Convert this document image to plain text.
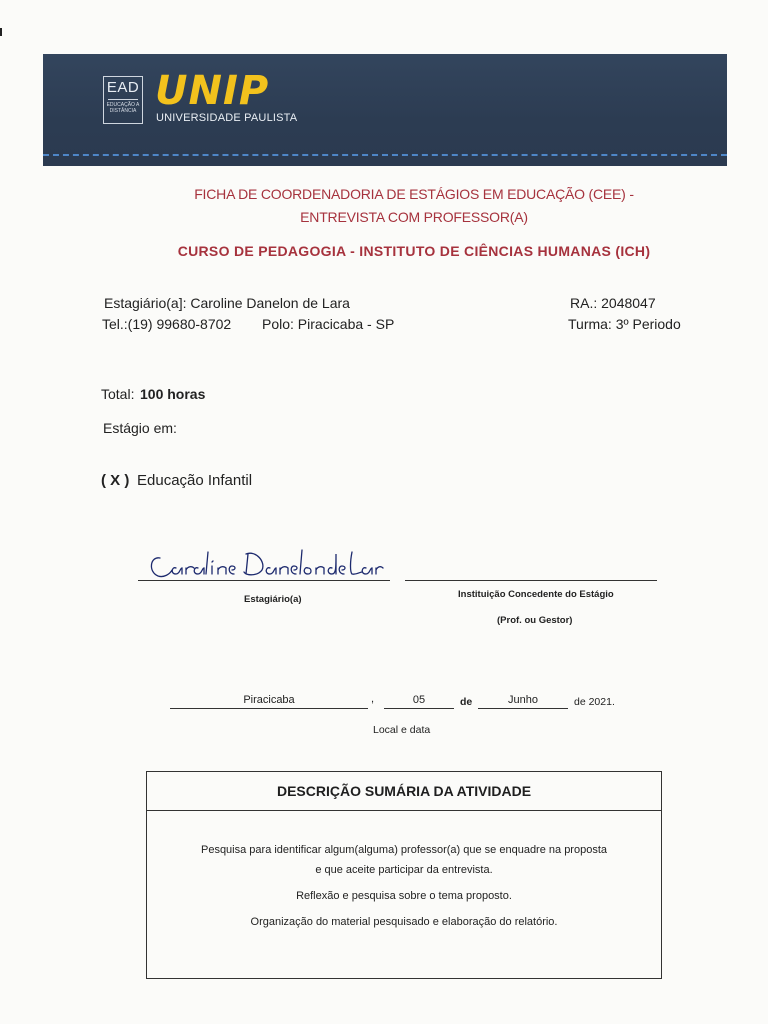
EAD
EDUCAÇÃO A DISTÂNCIA UNIP
UNIVERSIDADE PAULISTA
FICHA DE COORDENADORIA DE ESTÁGIOS EM EDUCAÇÃO (CEE) - ENTREVISTA COM PROFESSOR(A)
CURSO DE PEDAGOGIA - INSTITUTO DE CIÊNCIAS HUMANAS (ICH)
Estagiário(a]: Caroline Danelon de Lara	RA.: 2048047
Tel.:(19) 99680-8702 Polo: Piracicaba - SP	Turma: 3º Periodo
Total: 100 horas
Estágio em:
( X ) Educação Infantil
Estagiário(a)	Instituição Concedente do Estágio
(Prof. ou Gestor)
Piracicaba	,	05	de	Junho	de 2021.
Local e data
DESCRIÇÃO SUMÁRIA DA ATIVIDADE
Pesquisa para identificar algum(alguma) professor(a) que se enquadre na proposta
e que aceite participar da entrevista.
Reflexão e pesquisa sobre o tema proposto.
Organização do material pesquisado e elaboração do relatório.
